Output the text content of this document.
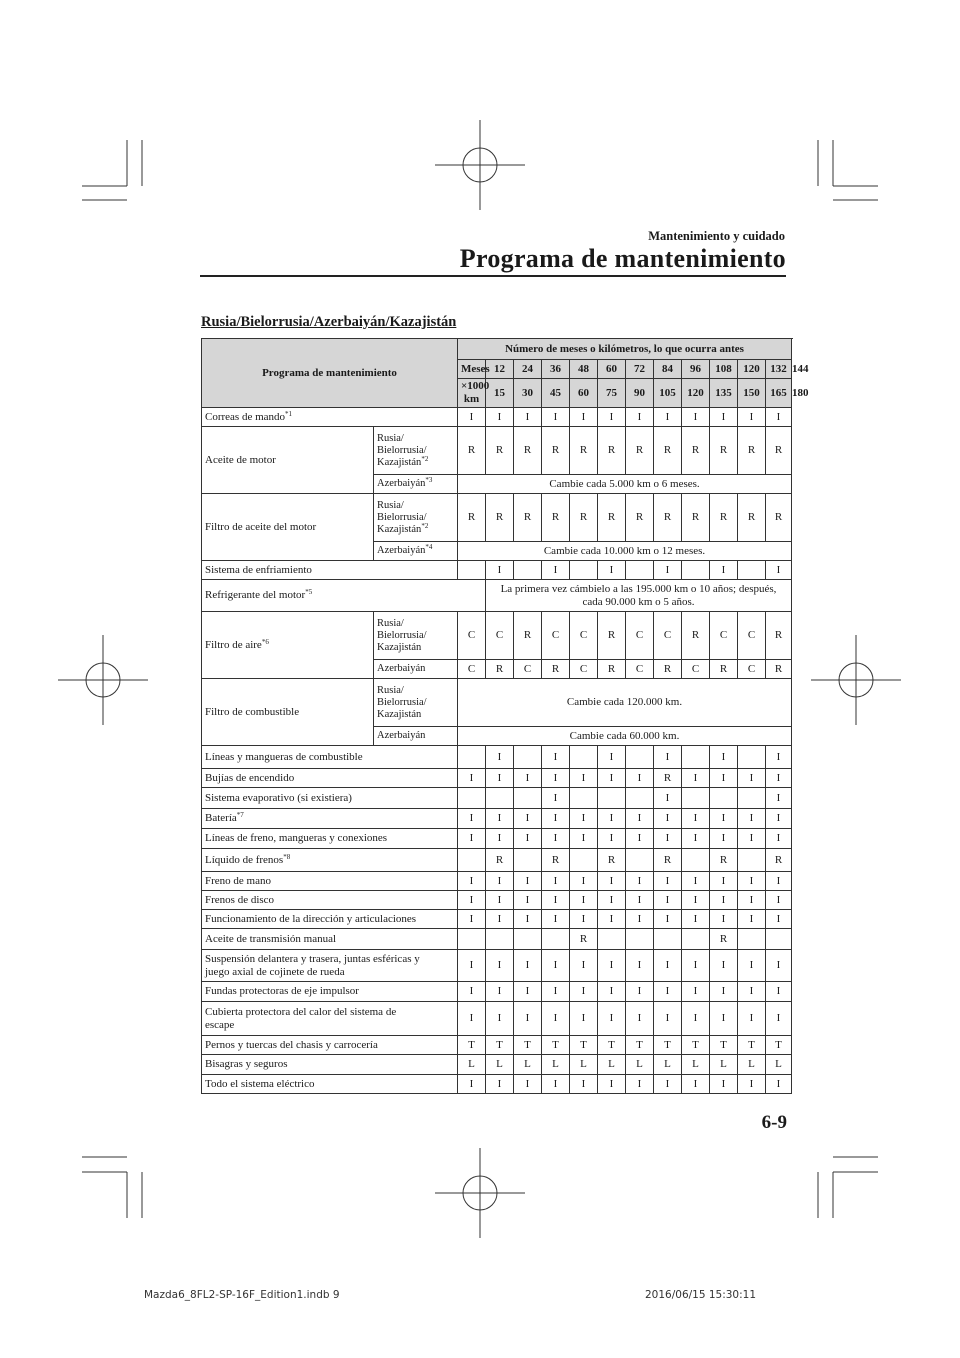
Mantenimiento y cuidado
Programa de mantenimiento
Rusia/Bielorrusia/Azerbaiyán/Kazajistán
Programa de mantenimiento		Número de meses o kilómetros, lo que ocurra antes												
		Meses	12	24	36	48	60	72	84	96	108	120	132	144
		×1000 km	15	30	45	60	75	90	105	120	135	150	165	180
Correas de mando$^{*1}$		I	I	I	I	I	I	I	I	I	I	I	I	
Aceite de motor	Rusia/
Bielorrusia/
Kazajistán$^{*2}$	R	R	R	R	R	R	R	R	R	R	R	R	
	Azerbaiyán$^{*3}$	Cambie cada 5.000 km o 6 meses.												
Filtro de aceite del motor	Rusia/
Bielorrusia/
Kazajistán$^{*2}$	R	R	R	R	R	R	R	R	R	R	R	R	
	Azerbaiyán$^{*4}$	Cambie cada 10.000 km o 12 meses.												
Sistema de enfriamiento			I		I		I		I		I		I	
Refrigerante del motor$^{*5}$			La primera vez cámbielo a las 195.000 km o 10 años; después,
cada 90.000 km o 5 años.											
Filtro de aire$^{*6}$	Rusia/
Bielorrusia/
Kazajistán	C	C	R	C	C	R	C	C	R	C	C	R	
	Azerbaiyán	C	R	C	R	C	R	C	R	C	R	C	R	
Filtro de combustible	Rusia/
Bielorrusia/
Kazajistán	Cambie cada 120.000 km.												
	Azerbaiyán	Cambie cada 60.000 km.												
Líneas y mangueras de combustible			I		I		I		I		I		I	
Bujías de encendido		I	I	I	I	I	I	I	R	I	I	I	I	
Sistema evaporativo (si existiera)					I				I				I	
Batería$^{*7}$		I	I	I	I	I	I	I	I	I	I	I	I	
Líneas de freno, mangueras y conexiones		I	I	I	I	I	I	I	I	I	I	I	I	
Líquido de frenos$^{*8}$			R		R		R		R		R		R	
Freno de mano		I	I	I	I	I	I	I	I	I	I	I	I	
Frenos de disco		I	I	I	I	I	I	I	I	I	I	I	I	
Funcionamiento de la dirección y articulaciones		I	I	I	I	I	I	I	I	I	I	I	I	
Aceite de transmisión manual						R					R			
Suspensión delantera y trasera, juntas esféricas y
juego axial de cojinete de rueda		I	I	I	I	I	I	I	I	I	I	I	I	
Fundas protectoras de eje impulsor		I	I	I	I	I	I	I	I	I	I	I	I	
Cubierta protectora del calor del sistema de
escape		I	I	I	I	I	I	I	I	I	I	I	I	
Pernos y tuercas del chasis y carrocería		T	T	T	T	T	T	T	T	T	T	T	T	
Bisagras y seguros		L	L	L	L	L	L	L	L	L	L	L	L	
Todo el sistema eléctrico		I	I	I	I	I	I	I	I	I	I	I	I	
6-9
Mazda6_8FL2-SP-16F_Edition1.indb 9	2016/06/15 15:30:11
